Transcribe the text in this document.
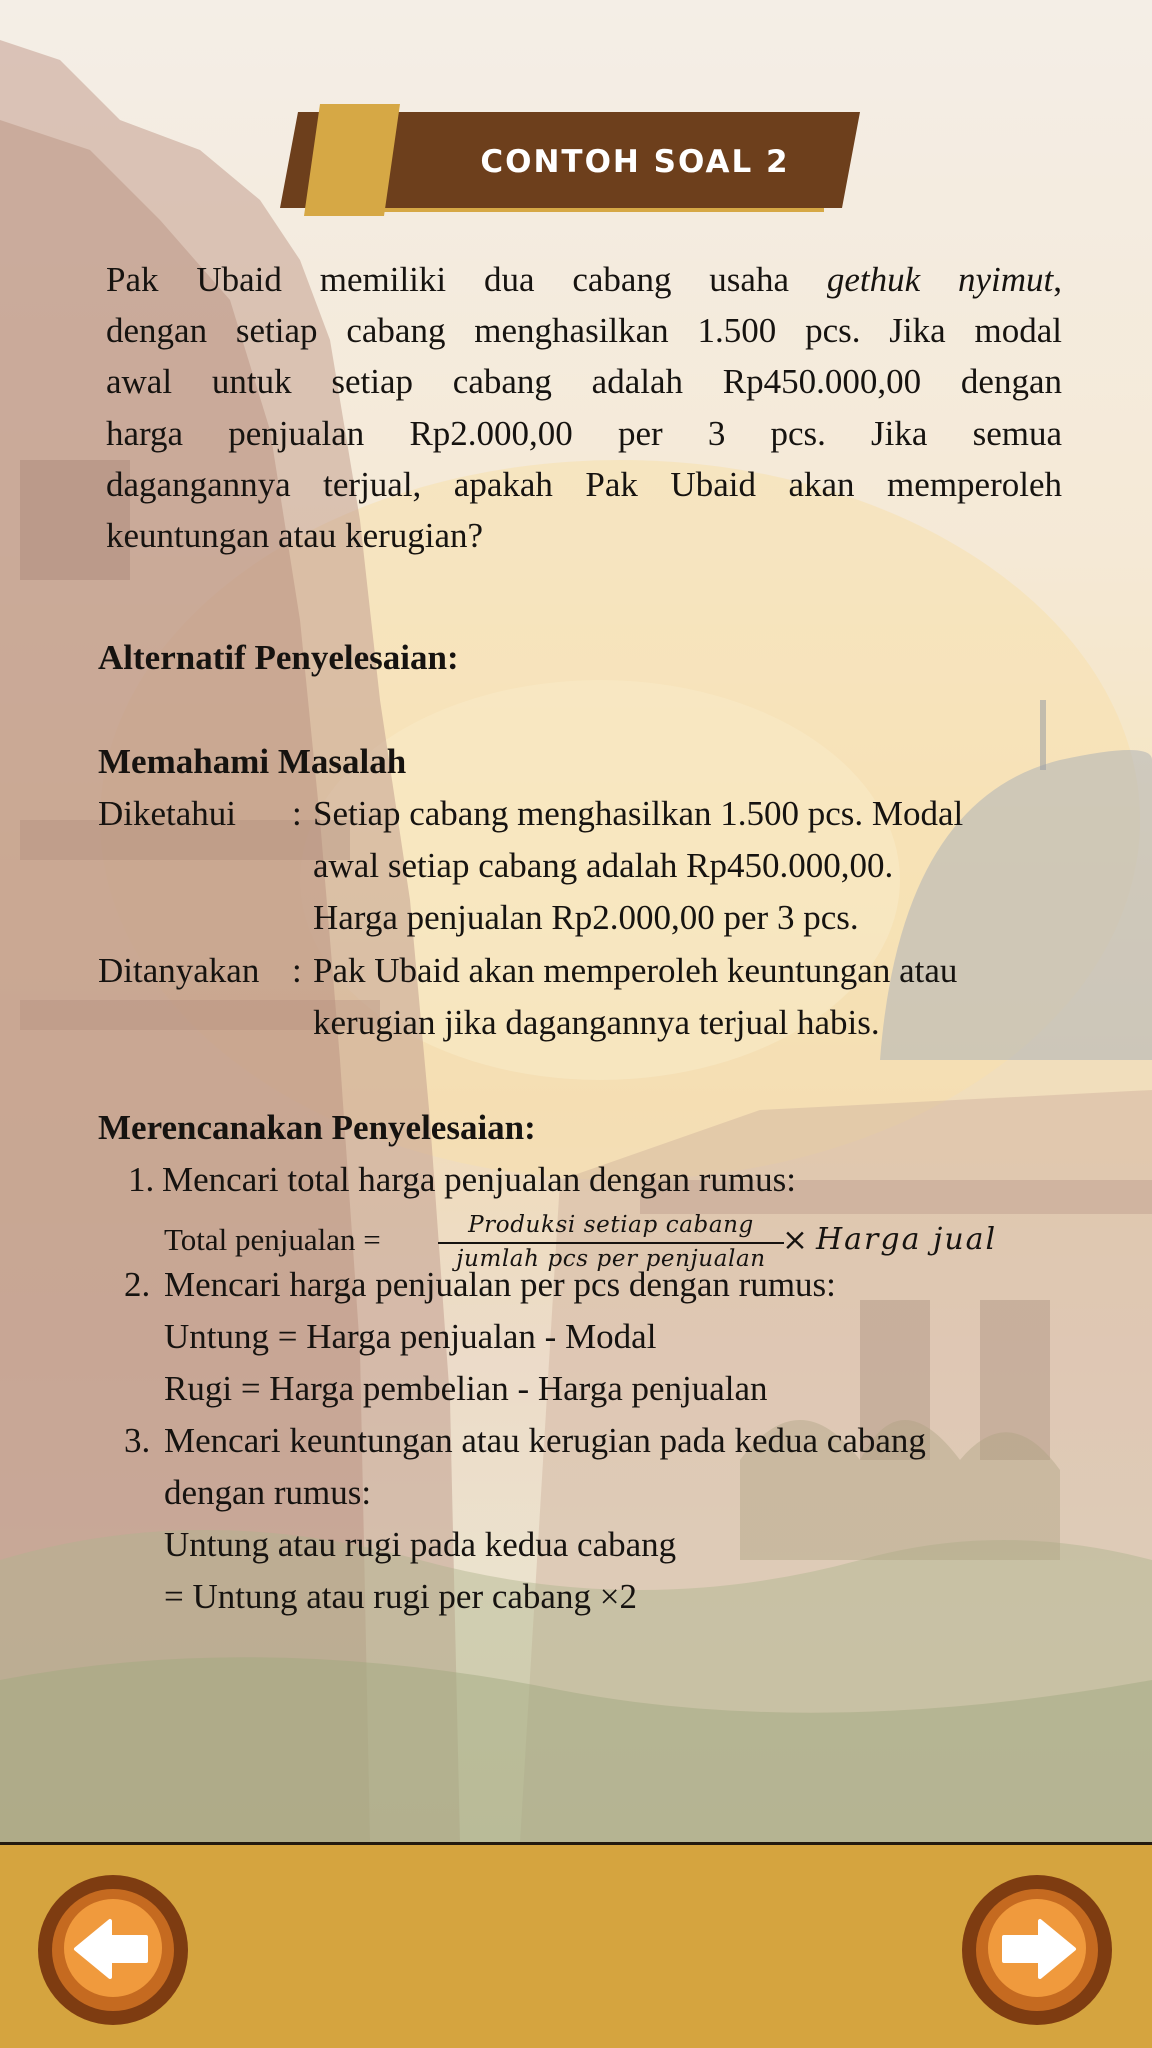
CONTOH SOAL 2
Pak Ubaid memiliki dua cabang usaha gethuk nyimut,
dengan setiap cabang menghasilkan 1.500 pcs. Jika modal
awal untuk setiap cabang adalah Rp450.000,00 dengan
harga penjualan Rp2.000,00 per 3 pcs. Jika semua
dagangannya terjual, apakah Pak Ubaid akan memperoleh
keuntungan atau kerugian?
Alternatif Penyelesaian:
Memahami Masalah
Diketahui : Setiap cabang menghasilkan 1.500 pcs. Modal
awal setiap cabang adalah Rp450.000,00.
Harga penjualan Rp2.000,00 per 3 pcs.
Ditanyakan : Pak Ubaid akan memperoleh keuntungan atau
kerugian jika dagangannya terjual habis.
Merencanakan Penyelesaian:
1. Mencari total harga penjualan dengan rumus:
Total penjualan =	Produksi setiap cabang
jumlah pcs per penjualan
× Harga jual
2. Mencari harga penjualan per pcs dengan rumus:
Untung = Harga penjualan - Modal
Rugi = Harga pembelian - Harga penjualan
3. Mencari keuntungan atau kerugian pada kedua cabang
dengan rumus:
Untung atau rugi pada kedua cabang
= Untung atau rugi per cabang ×2
